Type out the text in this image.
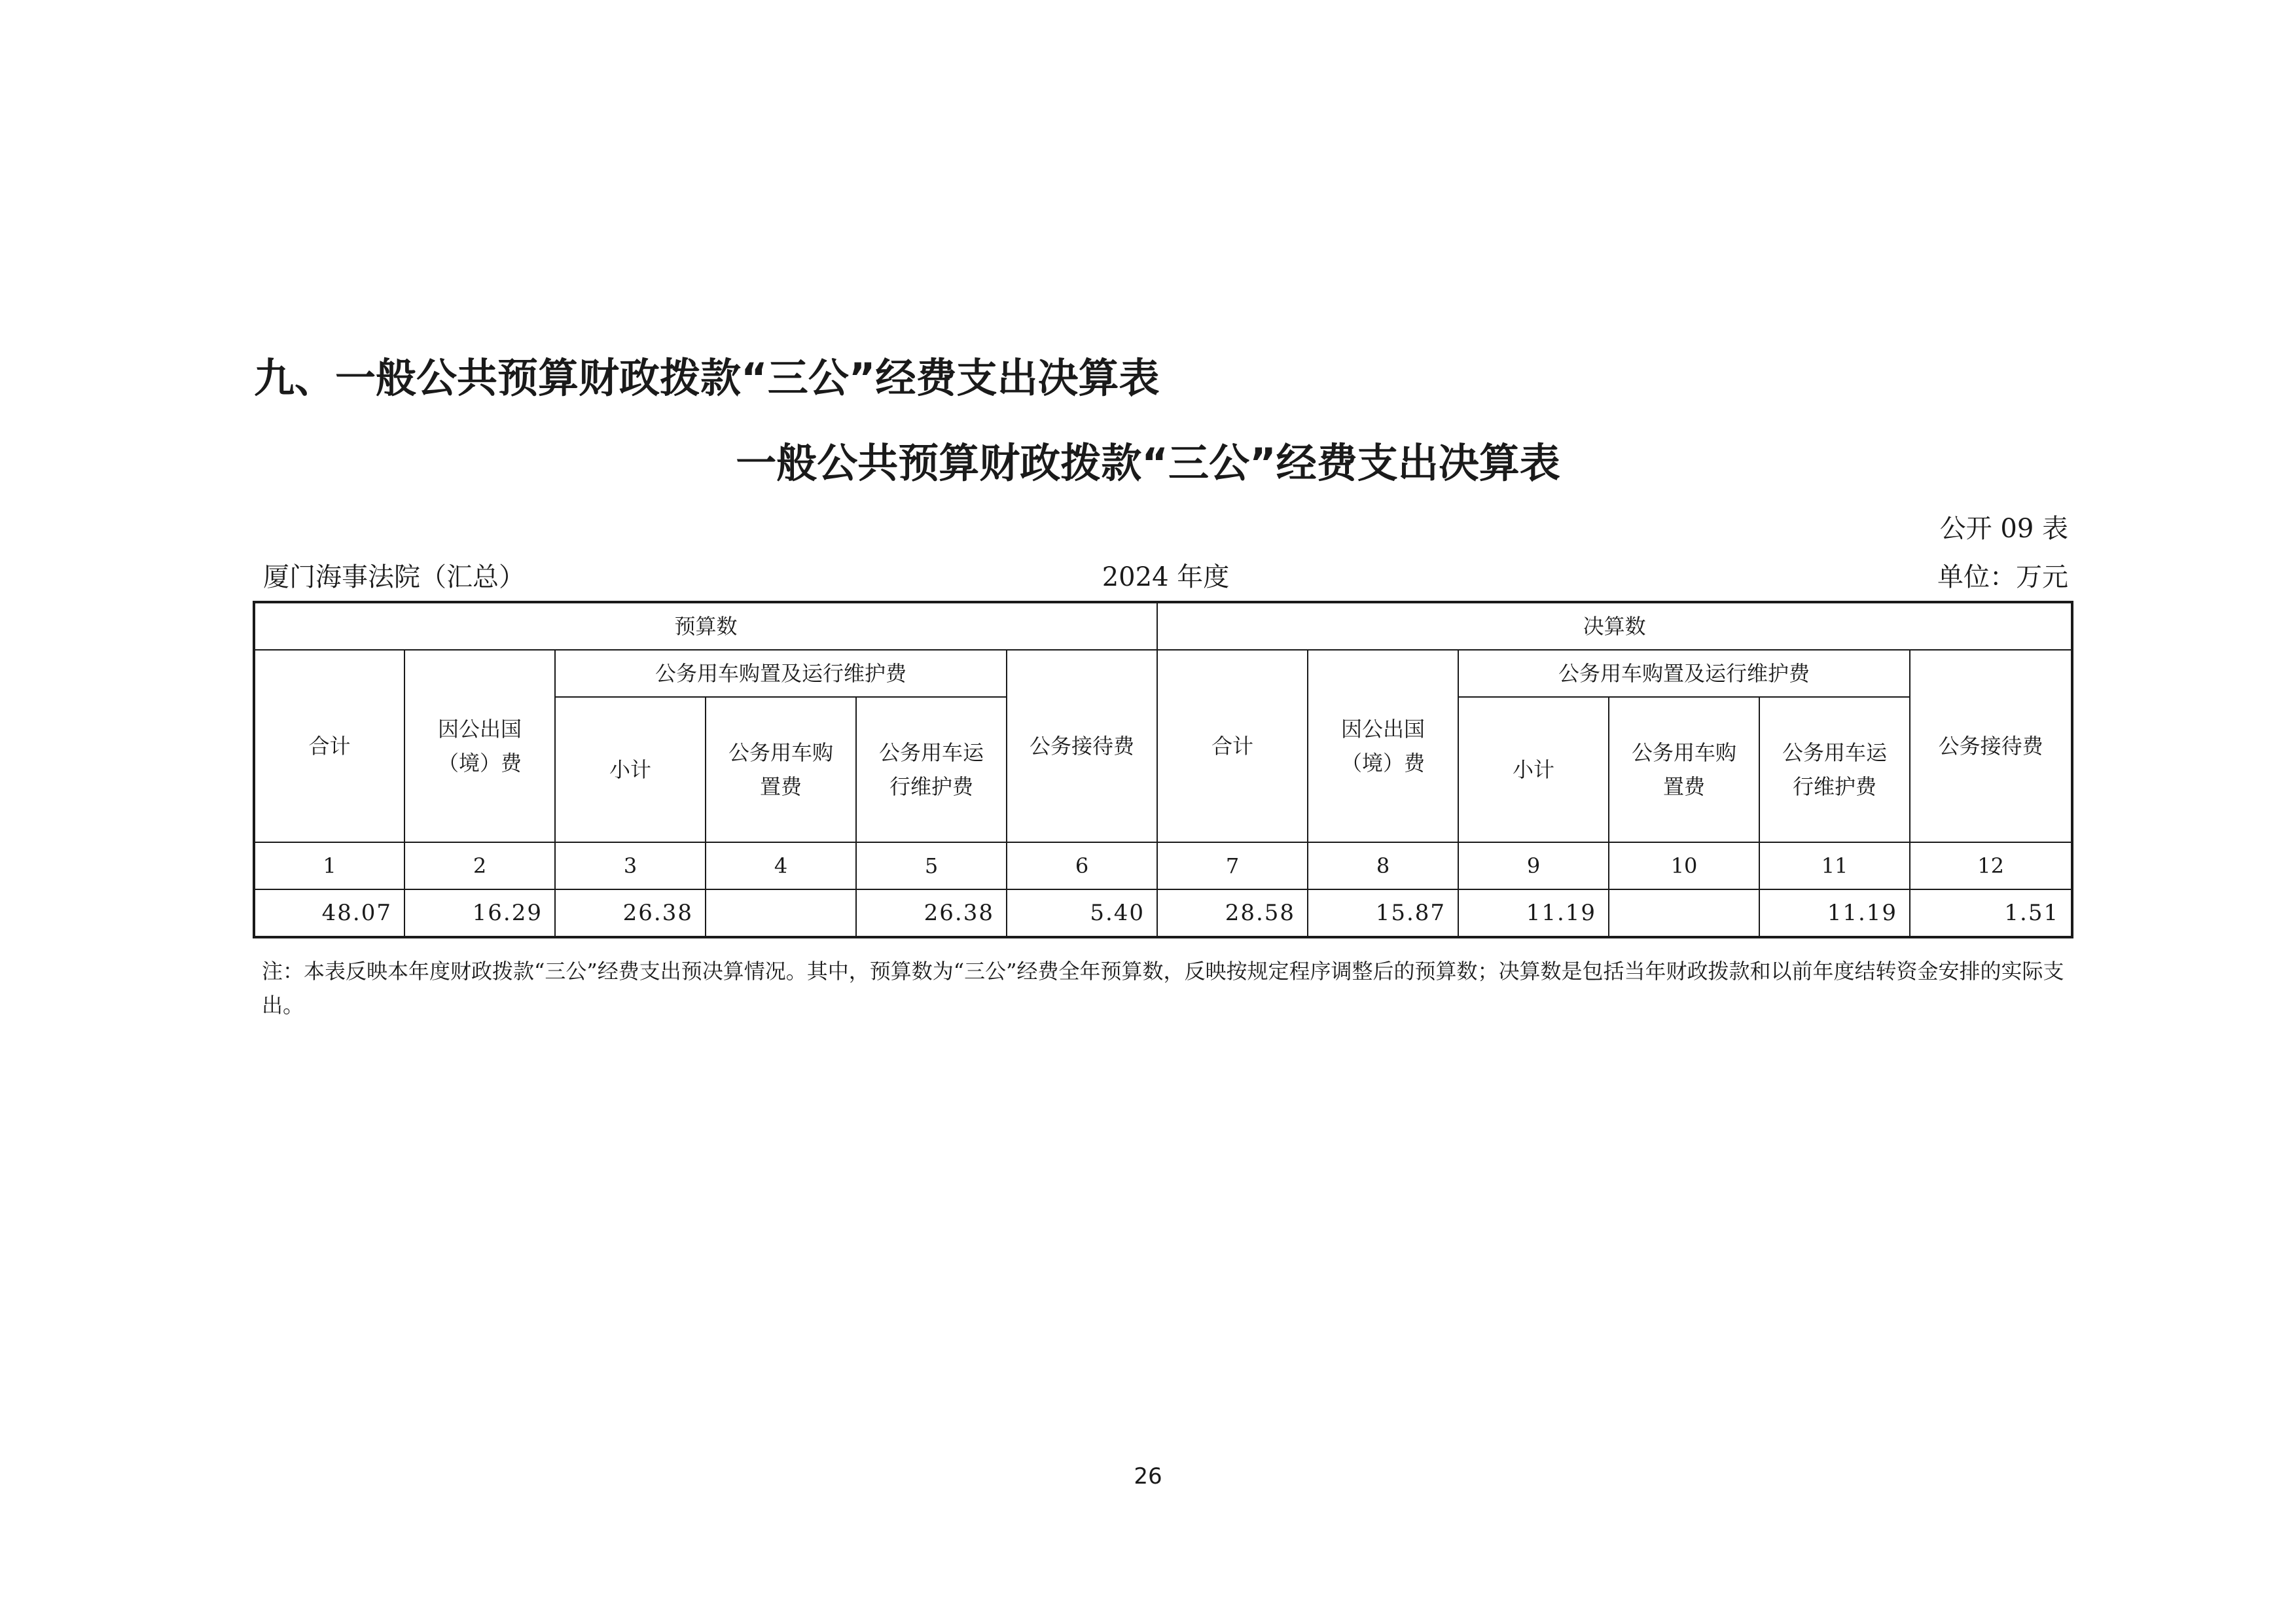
九、一般公共预算财政拨款“三公”经费支出决算表
一般公共预算财政拨款“三公”经费支出决算表
公开 09 表
厦门海事法院（汇总）	2024 年度	单位：万元
预算数						决算数					
合计	因公出国（境）费	公务用车购置及运行维护费			公务接待费	合计	因公出国（境）费	公务用车购置及运行维护费			公务接待费
		小计	公务用车购置费	公务用车运行维护费				小计	公务用车购置费	公务用车运行维护费	
1	2	3	4	5	6	7	8	9	10	11	12
48.07	16.29	26.38		26.38	5.40	28.58	15.87	11.19		11.19	1.51
注：本表反映本年度财政拨款“三公”经费支出预决算情况。其中，预算数为“三公”经费全年预算数，反映按规定程序调整后的预算数；决算数是包括当年财政拨款和以前年度结转资金安排的实际支出。
26
